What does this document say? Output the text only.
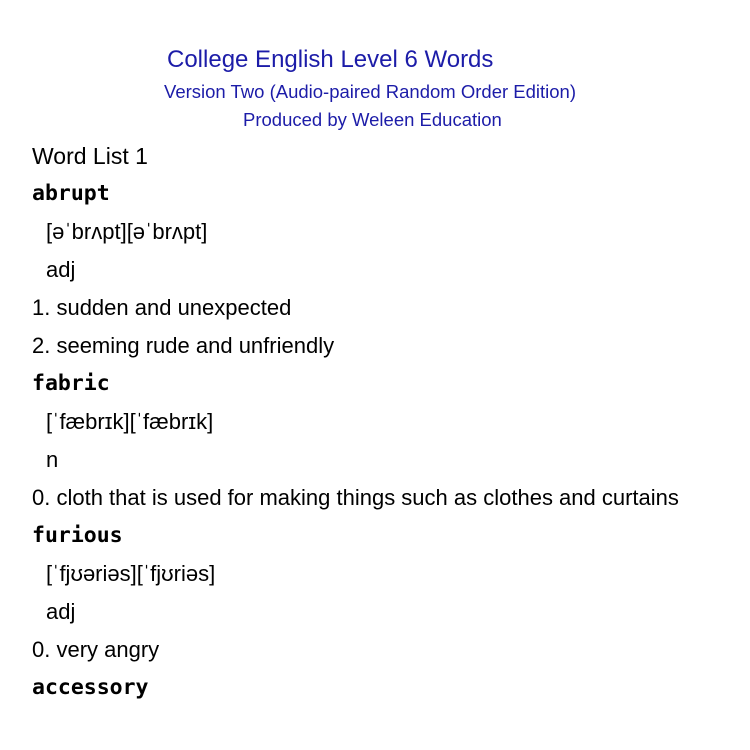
College English Level 6 Words
Version Two (Audio-paired Random Order Edition)
Produced by Weleen Education
Word List 1
abrupt
[əˈbrʌpt][əˈbrʌpt]
adj
1. sudden and unexpected
2. seeming rude and unfriendly
fabric
[ˈfæbrɪk][ˈfæbrɪk]
n
0. cloth that is used for making things such as clothes and curtains
furious
[ˈfjʊəriəs][ˈfjʊriəs]
adj
0. very angry
accessory
